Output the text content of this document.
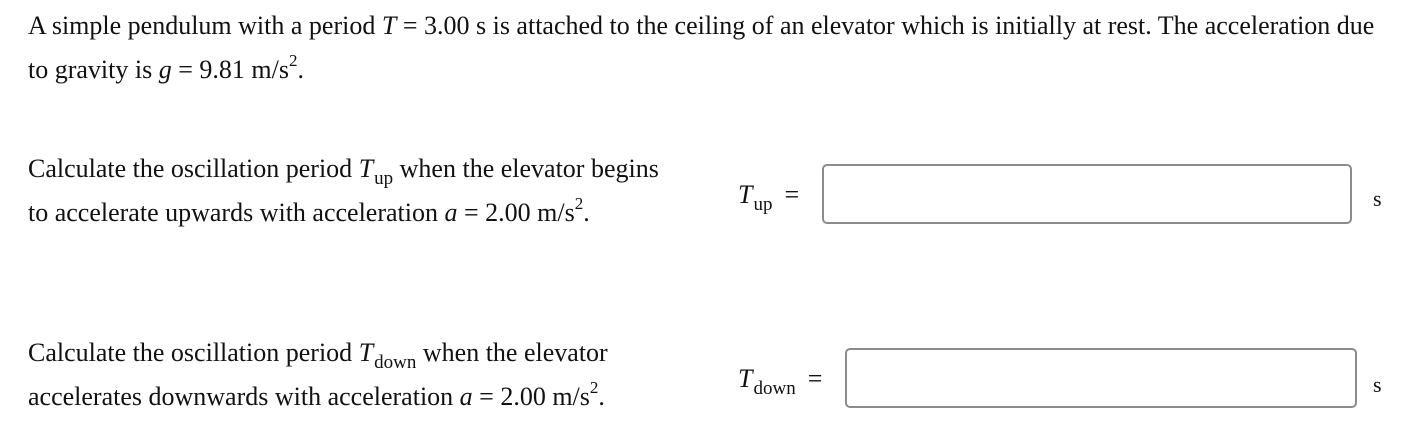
A simple pendulum with a period T = 3.00 s is attached to the ceiling of an elevator which is initially at rest. The acceleration due to gravity is g = 9.81 $m/s^2$.
Calculate the oscillation period $T_{up}$ when the elevator begins to accelerate upwards with acceleration a = 2.00 $m/s^2$.
$T_{up}$ =	s
Calculate the oscillation period $T_{down}$ when the elevator accelerates downwards with acceleration a = 2.00 $m/s^2$.
$T_{down}$ =	s
